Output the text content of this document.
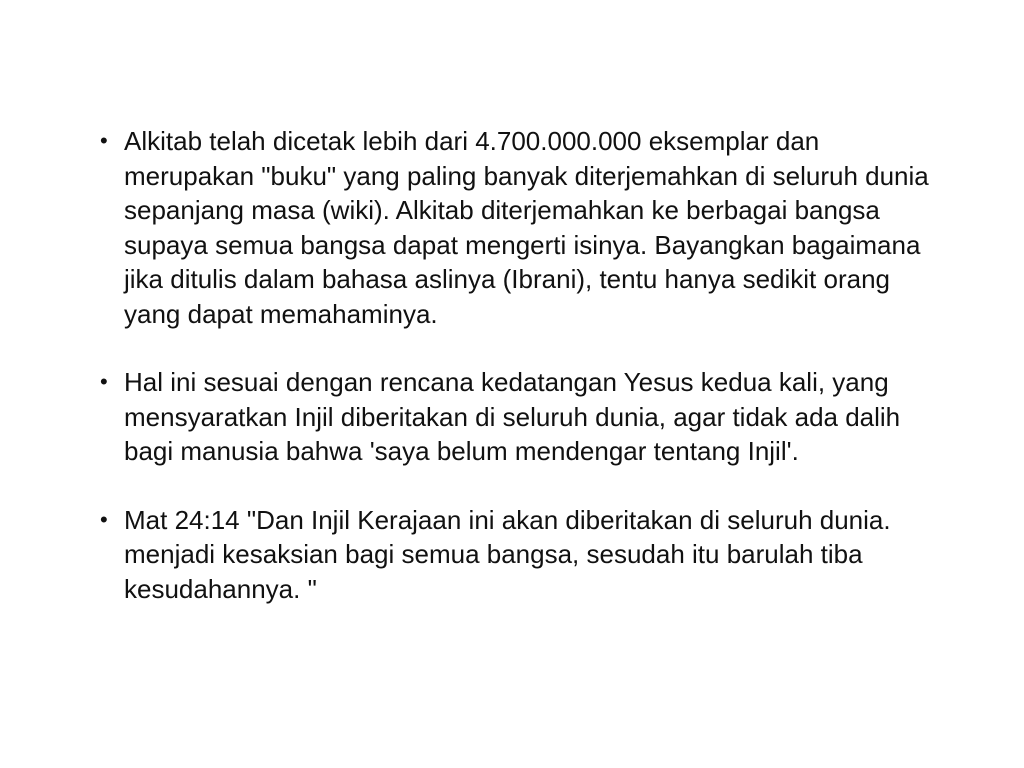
• Alkitab telah dicetak lebih dari 4.700.000.000 eksemplar dan merupakan "buku" yang paling banyak diterjemahkan di seluruh dunia sepanjang masa (wiki). Alkitab diterjemahkan ke berbagai bangsa supaya semua bangsa dapat mengerti isinya. Bayangkan bagaimana jika ditulis dalam bahasa aslinya (Ibrani), tentu hanya sedikit orang yang dapat memahaminya.
• Hal ini sesuai dengan rencana kedatangan Yesus kedua kali, yang mensyaratkan Injil diberitakan di seluruh dunia, agar tidak ada dalih bagi manusia bahwa 'saya belum mendengar tentang Injil'.
• Mat 24:14 "Dan Injil Kerajaan ini akan diberitakan di seluruh dunia. menjadi kesaksian bagi semua bangsa, sesudah itu barulah tiba kesudahannya. "
